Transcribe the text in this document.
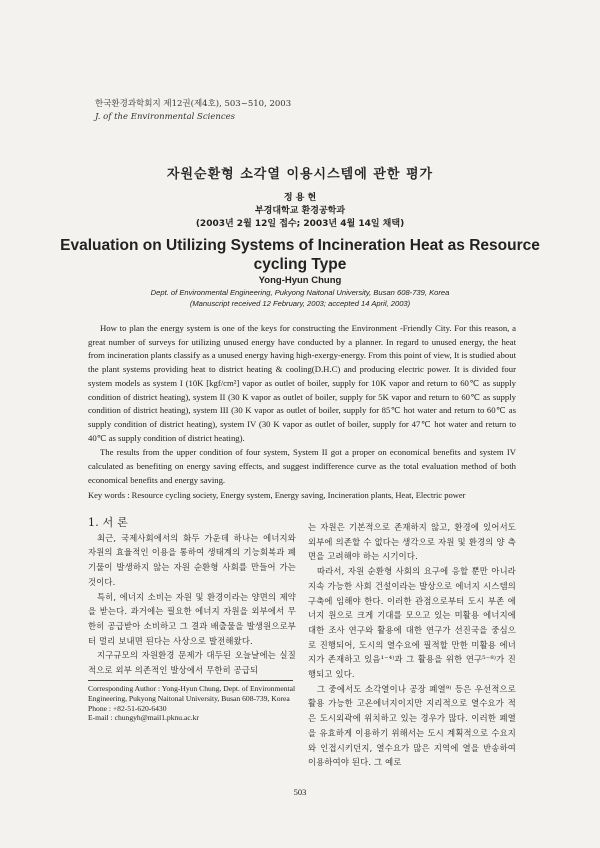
한국환경과학회지 제12권(제4호), 503~510, 2003
J. of the Environmental Sciences
자원순환형 소각열 이용시스템에 관한 평가
정 용 현
부경대학교 환경공학과
(2003년 2월 12일 접수; 2003년 4월 14일 채택)
Evaluation on Utilizing Systems of Incineration Heat as Resource cycling Type
Yong-Hyun Chung
Dept. of Environmental Engineering, Pukyong Naitonal University, Busan 608-739, Korea
(Manuscript received 12 February, 2003; accepted 14 April, 2003)

How to plan the energy system is one of the keys for constructing the Environment -Friendly City. For this reason, a great number of surveys for utilizing unused energy have conducted by a planner. In regard to unused energy, the heat from incineration plants classify as a unused energy having high-exergy-energy. From this point of view, It is studied about the plant systems providing heat to district heating & cooling(D.H.C) and producing electric power. It is divided four system models as system I (10K [kgf/cm²] vapor as outlet of boiler, supply for 10K vapor and return to 60℃ as supply condition of district heating), system II (30 K vapor as outlet of boiler, supply for 5K vapor and return to 60℃ as supply condition of district heating), system III (30 K vapor as outlet of boiler, supply for 85℃ hot water and return to 60℃ as supply condition of district heating), system IV (30 K vapor as outlet of boiler, supply for 47℃ hot water and return to 40℃ as supply condition of district heating).

The results from the upper condition of four system, System II got a proper on economical benefits and system IV calculated as benefiting on energy saving effects, and suggest indifference curve as the total evaluation method of both economical benefits and energy saving.

Key words : Resource cycling society, Energy system, Energy saving, Incineration plants, Heat, Electric power

1. 서 론

최근, 국제사회에서의 화두 가운데 하나는 에너지와 자원의 효율적인 이용을 통하여 생태계의 기능회복과 폐기물이 발생하지 않는 자원 순환형 사회를 만들어 가는 것이다.

특히, 에너지 소비는 자원 및 환경이라는 양면의 제약을 받는다. 과거에는 필요한 에너지 자원을 외부에서 무한히 공급받아 소비하고 그 결과 배출물을 발생원으로부터 멀리 보내면 된다는 사상으로 발전해왔다.

지구규모의 자원환경 문제가 대두된 오늘날에는 실질적으로 외부 의존적인 발상에서 무한히 공급되

는 자원은 기본적으로 존재하지 않고, 환경에 있어서도 외부에 의존할 수 없다는 생각으로 자원 및 환경의 양 측면을 고려해야 하는 시기이다.

따라서, 자원 순환형 사회의 요구에 응할 뿐만 아니라 지속 가능한 사회 건설이라는 발상으로 에너지 시스템의 구축에 임해야 한다. 이러한 관점으로부터 도시 부존 에너지 원으로 크게 기대를 모으고 있는 미활용 에너지에 대한 조사 연구와 활용에 대한 연구가 선진국을 중심으로 진행되어, 도시의 열수요에 필적할 만한 미활용 에너지가 존재하고 있음¹⁻⁴⁾과 그 활용을 위한 연구⁵⁻⁸⁾가 진행되고 있다.

그 중에서도 소각열이나 공장 폐열⁹⁾ 등은 우선적으로 활용 가능한 고온에너지이지만 지리적으로 열수요가 적은 도시외곽에 위치하고 있는 경우가 많다. 이러한 폐열을 유효하게 이용하기 위해서는 도시 계획적으로 수요지와 인접시키던지, 열수요가 많은 지역에 열을 반송하여 이용하여야 된다. 그 예로

Corresponding Author : Yong-Hyun Chung, Dept. of Environmental Engineering, Pukyong Naitonal University, Busan 608-739, Korea
Phone : +82-51-620-6430
E-mail : chungyh@mail1.pknu.ac.kr
503
